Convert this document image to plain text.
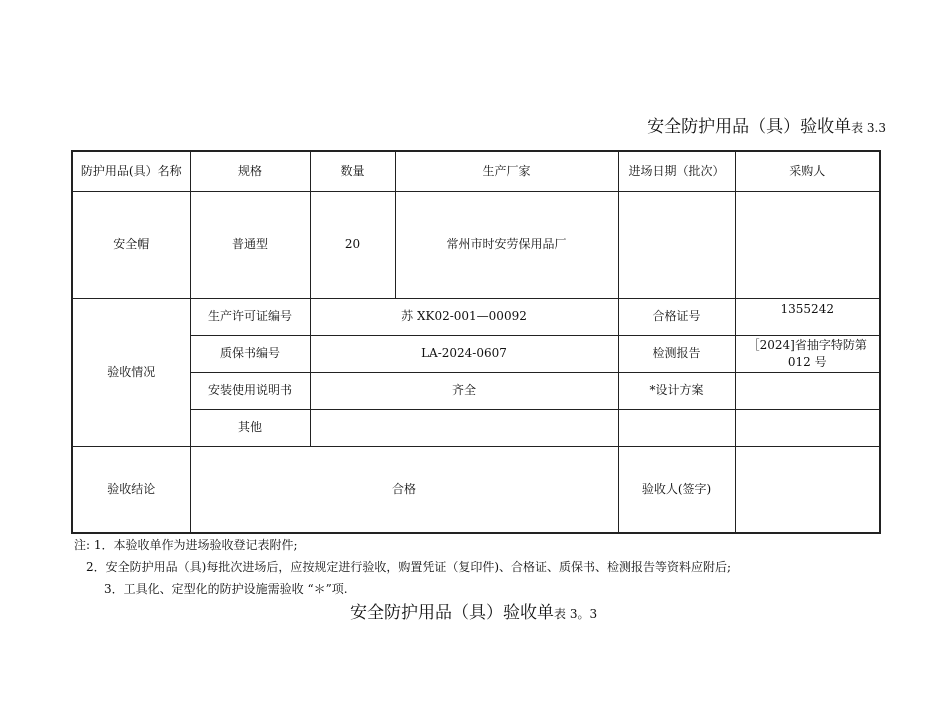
安全防护用品（具）验收单表 3.3
防护用品(具）名称	规格	数量	生产厂家	进场日期（批次）	采购人
安全帽	普通型	20	常州市时安劳保用品厂		
验收情况	生产许可证编号	苏 XK02-001—00092		合格证号	1355242
	质保书编号	LA-2024-0607		检测报告	［2024]省抽字特防第 012 号
	安装使用说明书	齐全		*设计方案	
	其他				
验收结论	合格			验收人(签字)	
注: 1．本验收单作为进场验收登记表附件;
2．安全防护用品（具)每批次进场后，应按规定进行验收，购置凭证（复印件)、合格证、质保书、检测报告等资料应附后;
3．工具化、定型化的防护设施需验收 “＊”项.
安全防护用品（具）验收单表 3。3
